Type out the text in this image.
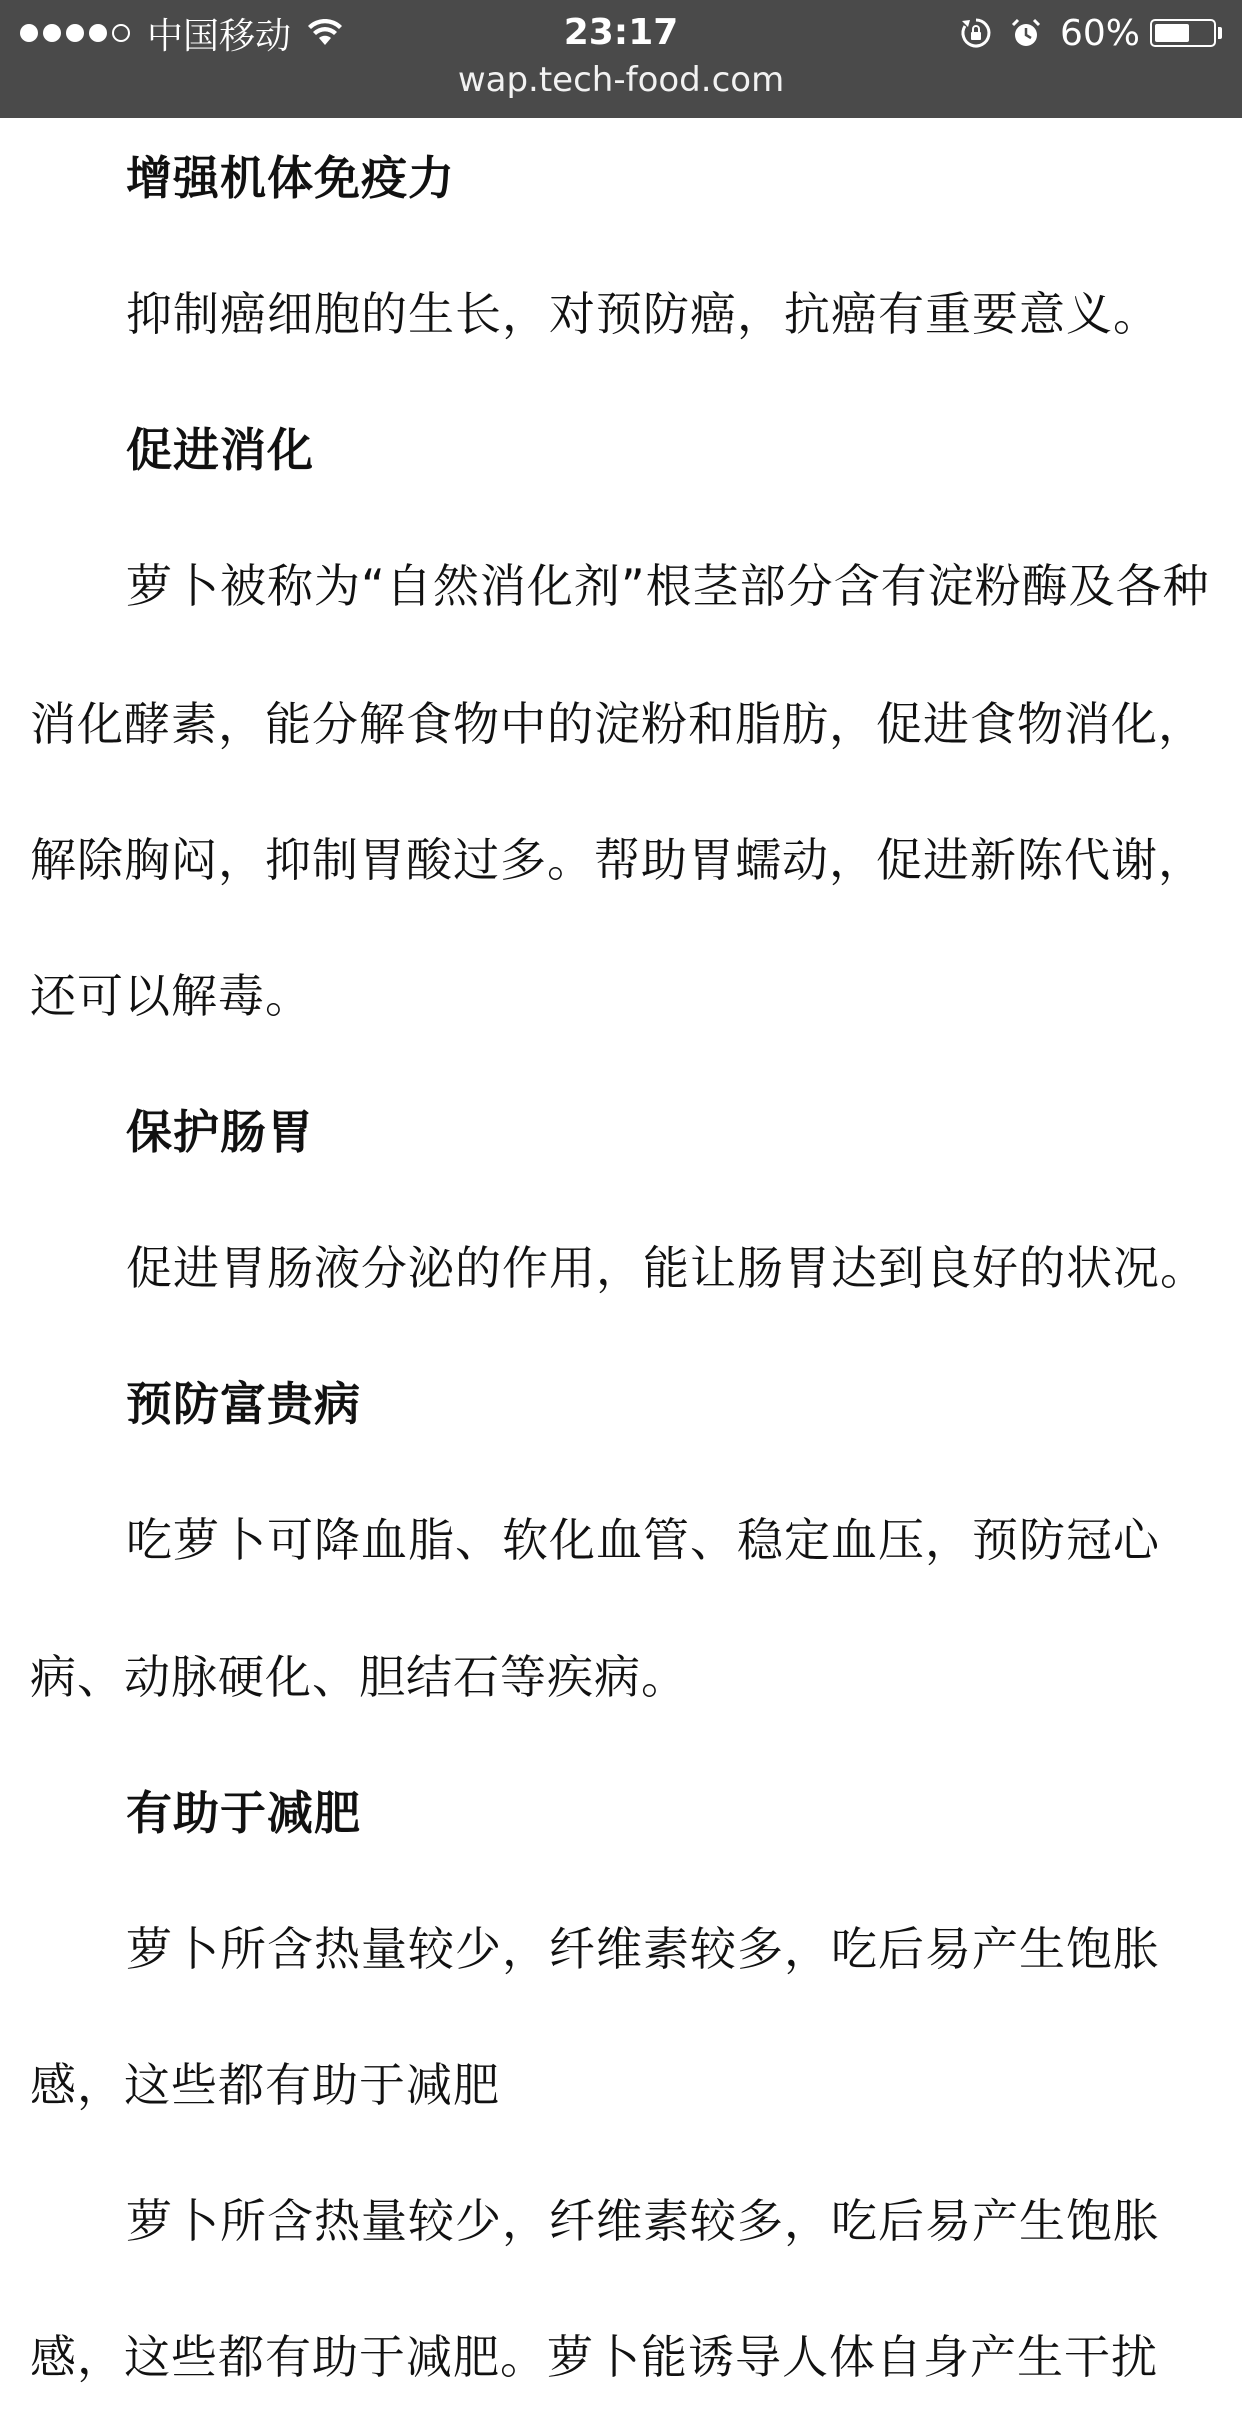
中国移动	23:17	60%
wap.tech-food.com
增强机体免疫力
抑制癌细胞的生长，对预防癌，抗癌有重要意义。
促进消化
萝卜被称为“自然消化剂”根茎部分含有淀粉酶及各种
消化酵素，能分解食物中的淀粉和脂肪，促进食物消化，
解除胸闷，抑制胃酸过多。帮助胃蠕动，促进新陈代谢，
还可以解毒。
保护肠胃
促进胃肠液分泌的作用，能让肠胃达到良好的状况。
预防富贵病
吃萝卜可降血脂、软化血管、稳定血压，预防冠心
病、动脉硬化、胆结石等疾病。
有助于减肥
萝卜所含热量较少，纤维素较多，吃后易产生饱胀
感，这些都有助于减肥
萝卜所含热量较少，纤维素较多，吃后易产生饱胀
感，这些都有助于减肥。萝卜能诱导人体自身产生干扰
